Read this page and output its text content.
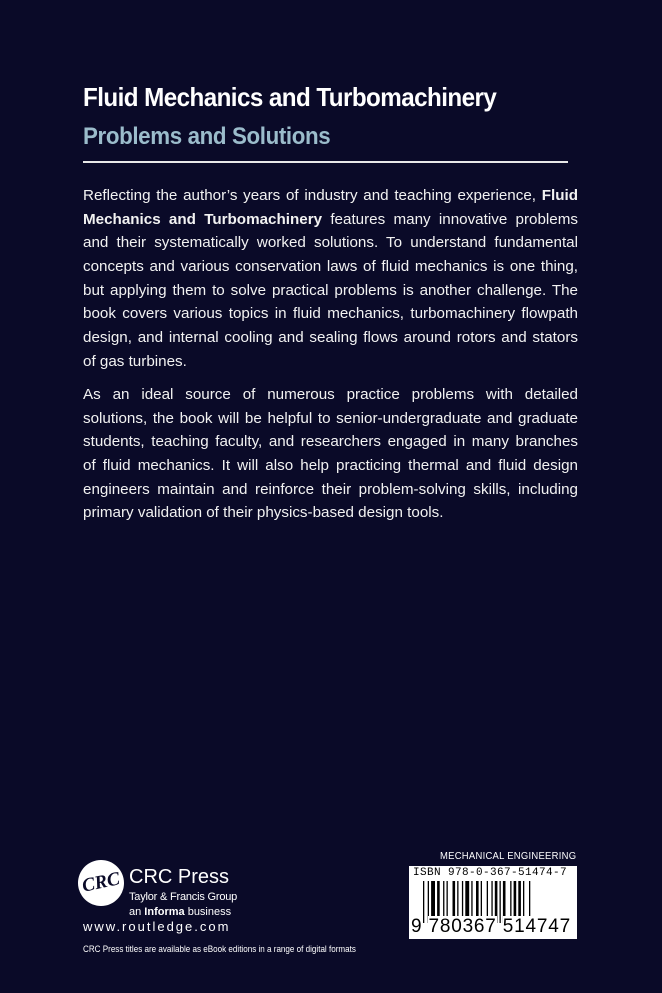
Fluid Mechanics and Turbomachinery
Problems and Solutions
Reflecting the author’s years of industry and teaching experience, Fluid
Mechanics and Turbomachinery features many innovative problems
and their systematically worked solutions. To understand fundamental
concepts and various conservation laws of fluid mechanics is one thing,
but applying them to solve practical problems is another challenge. The
book covers various topics in fluid mechanics, turbomachinery flowpath
design, and internal cooling and sealing flows around rotors and stators
of gas turbines.
As an ideal source of numerous practice problems with detailed
solutions, the book will be helpful to senior-undergraduate and graduate
students, teaching faculty, and researchers engaged in many branches
of fluid mechanics. It will also help practicing thermal and fluid design
engineers maintain and reinforce their problem-solving skills, including
primary validation of their physics-based design tools.
CRC CRC Press
Taylor & Francis Group
an Informa business
www.routledge.com
CRC Press titles are available as eBook editions in a range of digital formats
MECHANICAL ENGINEERING
ISBN 978-0-367-51474-7
9 780367 514747
